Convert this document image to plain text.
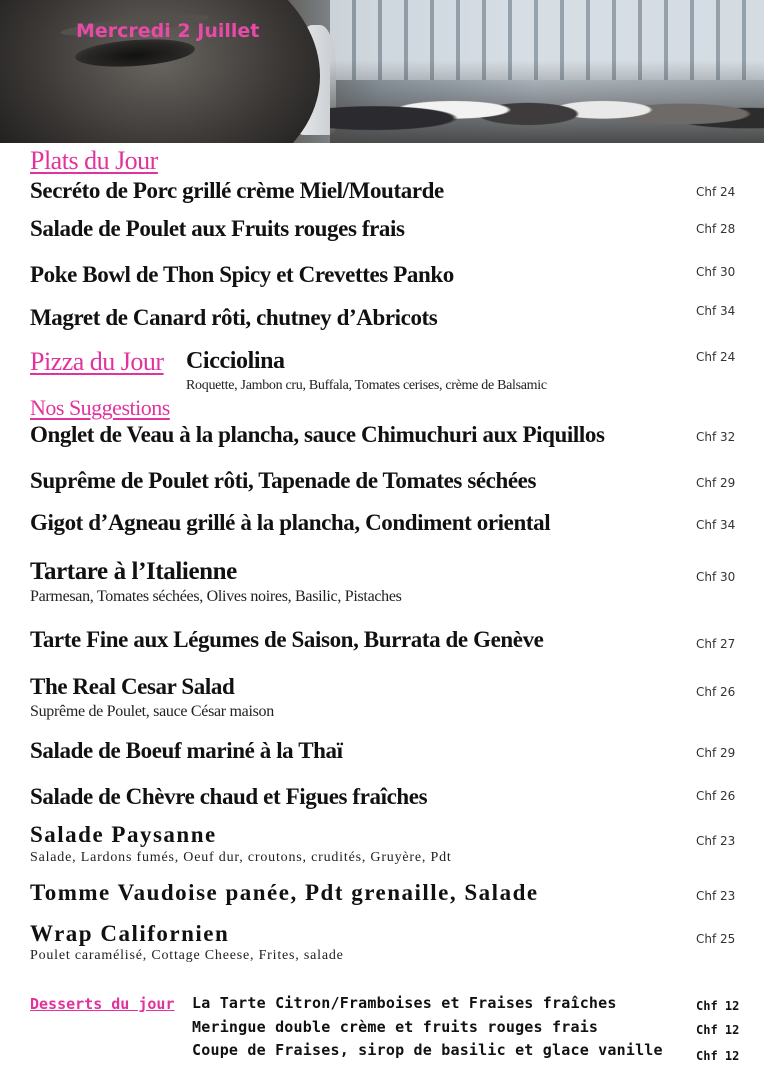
Mercredi 2 Juillet
Plats du Jour
Secréto de Porc grillé crème Miel/Moutarde	Chf 24
Salade de Poulet aux Fruits rouges frais	Chf 28
Poke Bowl de Thon Spicy et Crevettes Panko	Chf 30
Magret de Canard rôti, chutney d’Abricots	Chf 34
Pizza du Jour Cicciolina
Roquette, Jambon cru, Buffala, Tomates cerises, crème de Balsamic
Chf 24
Nos Suggestions
Onglet de Veau à la plancha, sauce Chimuchuri aux Piquillos	Chf 32
Suprême de Poulet rôti, Tapenade de Tomates séchées	Chf 29
Gigot d’Agneau grillé à la plancha, Condiment oriental	Chf 34
Tartare à l’Italienne
Parmesan, Tomates séchées, Olives noires, Basilic, Pistaches
Chf 30
Tarte Fine aux Légumes de Saison, Burrata de Genève	Chf 27
The Real Cesar Salad
Suprême de Poulet, sauce César maison
Chf 26
Salade de Boeuf mariné à la Thaï	Chf 29
Salade de Chèvre chaud et Figues fraîches	Chf 26
Salade Paysanne
Salade, Lardons fumés, Oeuf dur, croutons, crudités, Gruyère, Pdt
Chf 23
Tomme Vaudoise panée, Pdt grenaille, Salade	Chf 23
Wrap Californien
Poulet caramélisé, Cottage Cheese, Frites, salade
Chf 25
Desserts du jour La Tarte Citron/Framboises et Fraises fraîches	Chf 12
Meringue double crème et fruits rouges frais	Chf 12
Coupe de Fraises, sirop de basilic et glace vanille	Chf 12
